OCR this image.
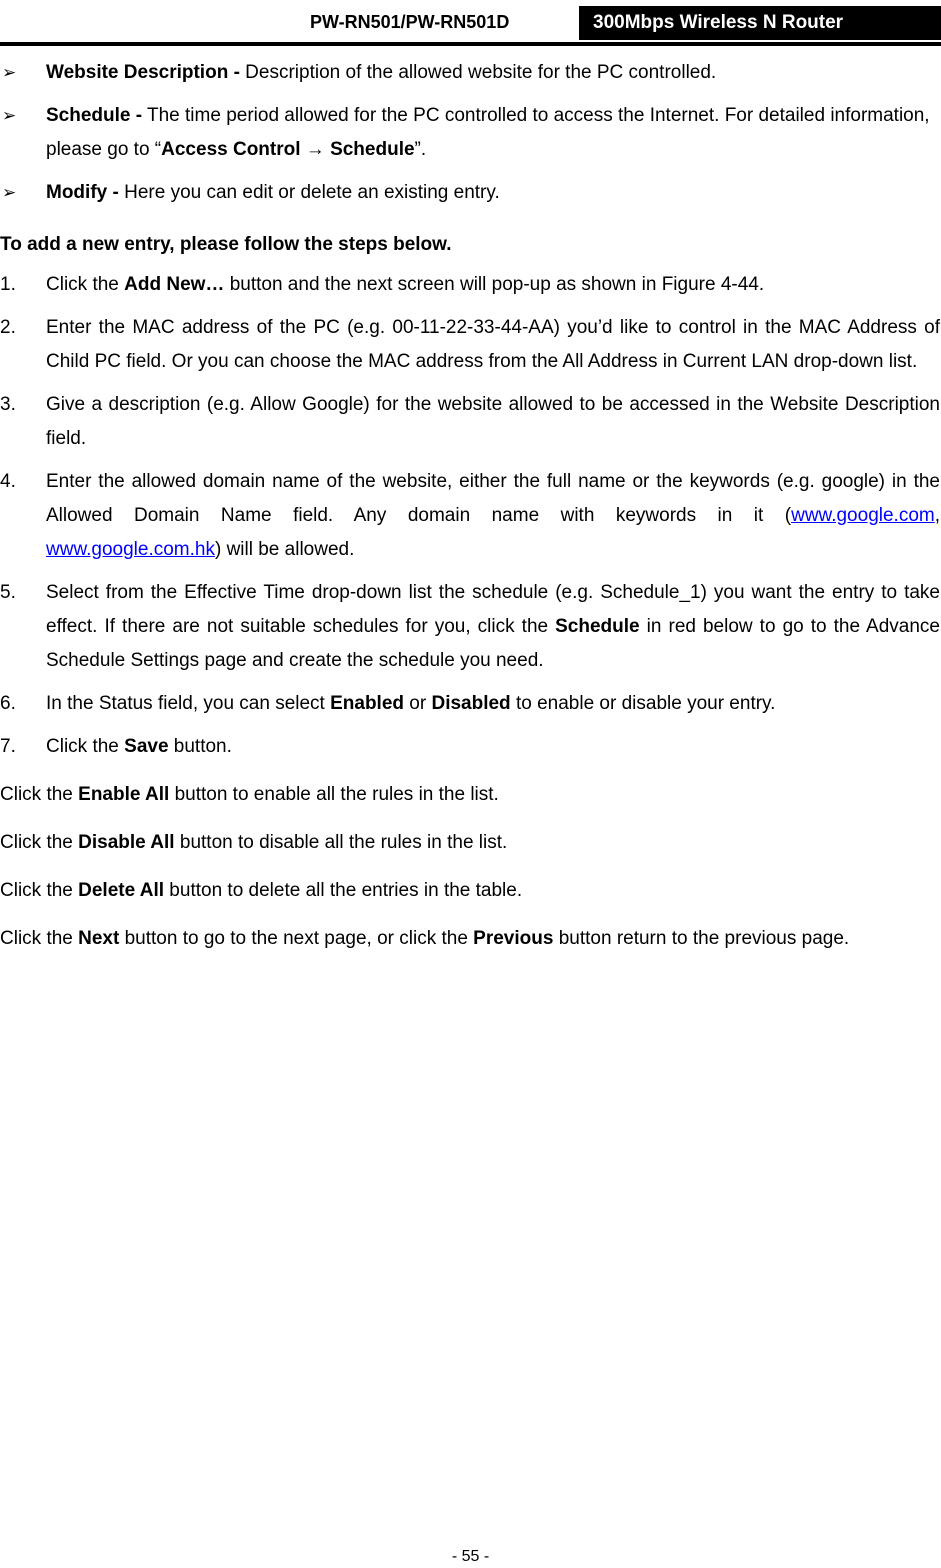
PW-RN501/PW-RN501D	300Mbps Wireless N Router
➢ Website Description - Description of the allowed website for the PC controlled.
➢ Schedule - The time period allowed for the PC controlled to access the Internet. For detailed information, please go to “Access Control → Schedule”.
➢ Modify - Here you can edit or delete an existing entry.
To add a new entry, please follow the steps below.
1. Click the Add New… button and the next screen will pop-up as shown in Figure 4-44.
2. Enter the MAC address of the PC (e.g. 00-11-22-33-44-AA) you’d like to control in the MAC Address of Child PC field. Or you can choose the MAC address from the All Address in Current LAN drop-down list.
3. Give a description (e.g. Allow Google) for the website allowed to be accessed in the Website Description field.
4. Enter the allowed domain name of the website, either the full name or the keywords (e.g. google) in the Allowed Domain Name field. Any domain name with keywords in it (www.google.com, www.google.com.hk) will be allowed.
5. Select from the Effective Time drop-down list the schedule (e.g. Schedule_1) you want the entry to take effect. If there are not suitable schedules for you, click the Schedule in red below to go to the Advance Schedule Settings page and create the schedule you need.
6. In the Status field, you can select Enabled or Disabled to enable or disable your entry.
7. Click the Save button.

Click the Enable All button to enable all the rules in the list.

Click the Disable All button to disable all the rules in the list.

Click the Delete All button to delete all the entries in the table.

Click the Next button to go to the next page, or click the Previous button return to the previous page.

- 55 -
